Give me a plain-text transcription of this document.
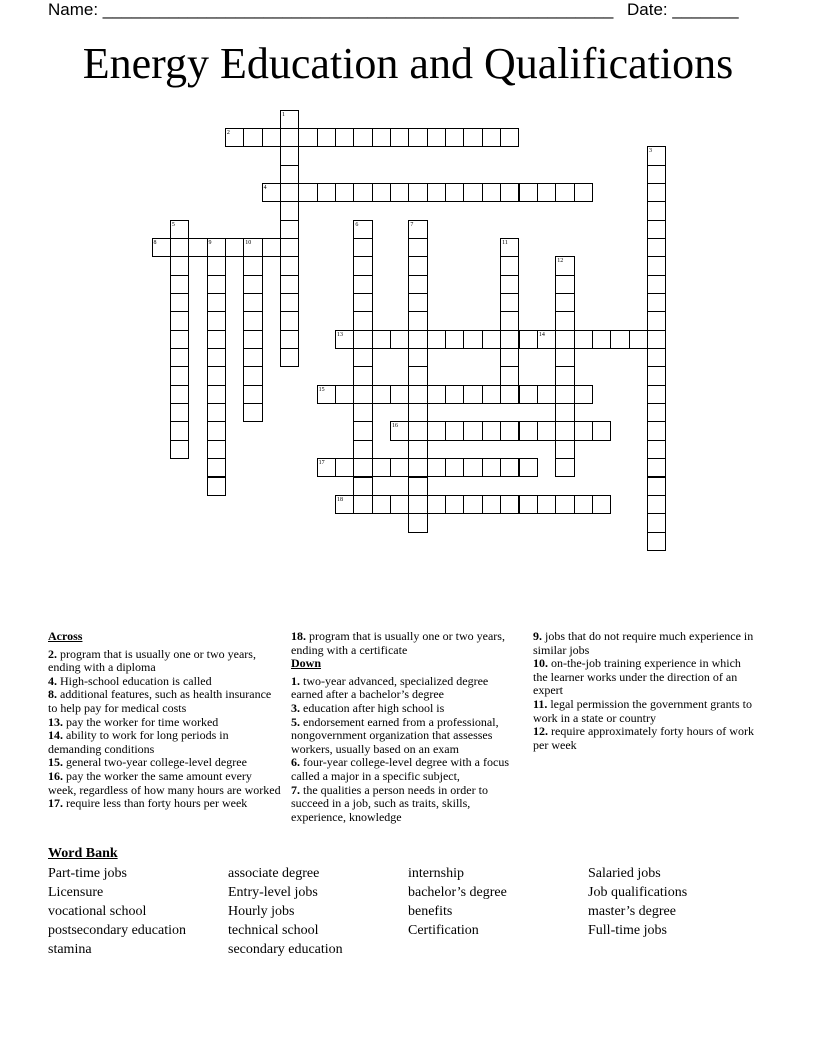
Name: ______________________________________________________ Date: _______
Energy Education and Qualifications
2
4
8	9	10
13	14
15
16
17
18
1
3
5	6	7
11
12
Across
2. program that is usually one or two years, ending with a diploma
4. High-school education is called
8. additional features, such as health insurance to help pay for medical costs
13. pay the worker for time worked
14. ability to work for long periods in demanding conditions
15. general two-year college-level degree
16. pay the worker the same amount every week, regardless of how many hours are worked
17. require less than forty hours per week
18. program that is usually one or two years, ending with a certificate
Down
1. two-year advanced, specialized degree earned after a bachelor’s degree
3. education after high school is
5. endorsement earned from a professional, nongovernment organization that assesses workers, usually based on an exam
6. four-year college-level degree with a focus called a major in a specific subject,
7. the qualities a person needs in order to succeed in a job, such as traits, skills, experience, knowledge
9. jobs that do not require much experience in similar jobs
10. on-the-job training experience in which the learner works under the direction of an expert
11. legal permission the government grants to work in a state or country
12. require approximately forty hours of work per week
Word Bank
Part-time jobs
Licensure
vocational school
postsecondary education
stamina
associate degree
Entry-level jobs
Hourly jobs
technical school
secondary education
internship
bachelor’s degree
benefits
Certification
Salaried jobs
Job qualifications
master’s degree
Full-time jobs
